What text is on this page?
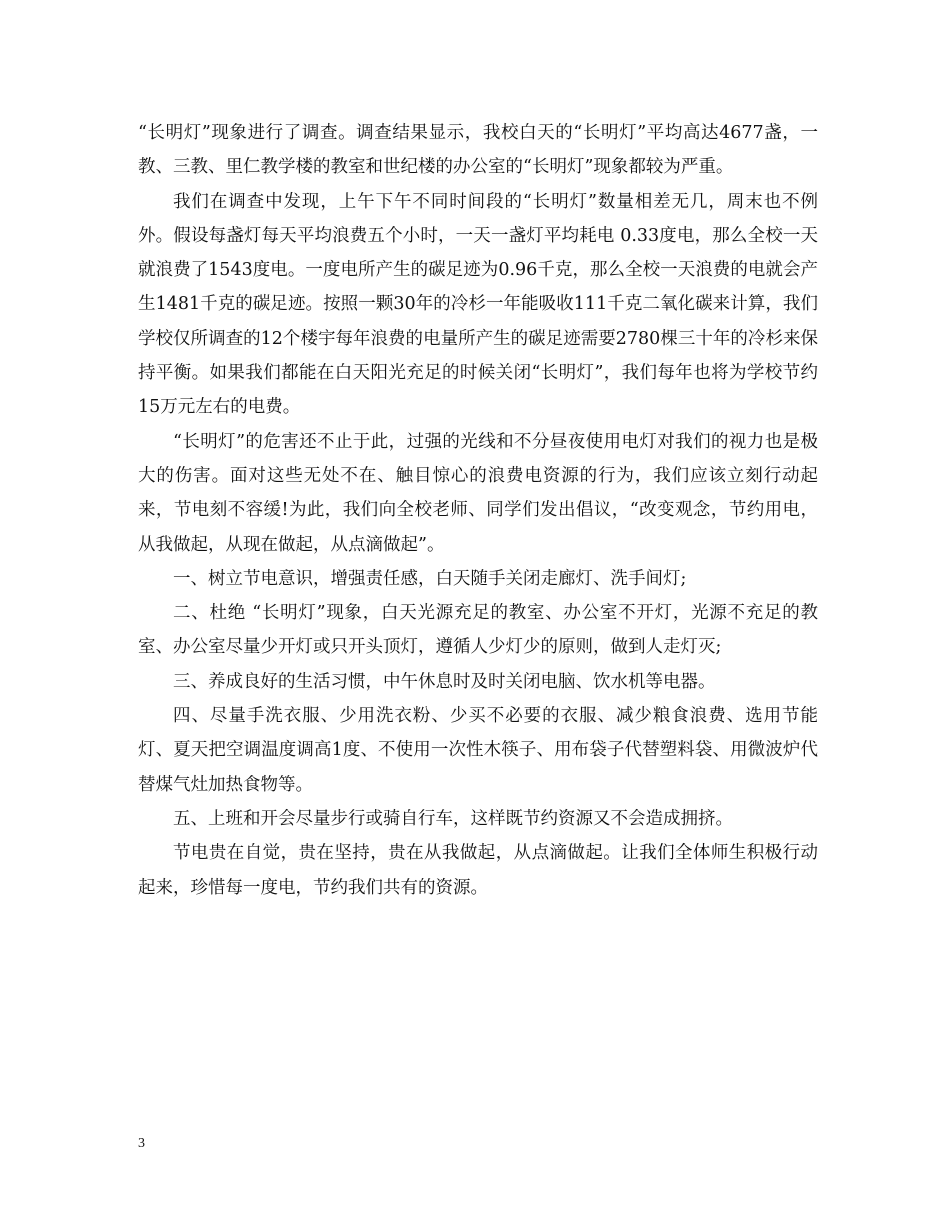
“长明灯”现象进行了调查。调查结果显示，我校白天的“长明灯”平均高达4677盏，一教、三教、里仁教学楼的教室和世纪楼的办公室的“长明灯”现象都较为严重。

我们在调查中发现，上午下午不同时间段的“长明灯”数量相差无几，周末也不例外。假设每盏灯每天平均浪费五个小时，一天一盏灯平均耗电 0.33度电，那么全校一天就浪费了1543度电。一度电所产生的碳足迹为0.96千克，那么全校一天浪费的电就会产生1481千克的碳足迹。按照一颗30年的冷杉一年能吸收111千克二氧化碳来计算，我们学校仅所调查的12个楼宇每年浪费的电量所产生的碳足迹需要2780棵三十年的冷杉来保持平衡。如果我们都能在白天阳光充足的时候关闭“长明灯”，我们每年也将为学校节约15万元左右的电费。

“长明灯”的危害还不止于此，过强的光线和不分昼夜使用电灯对我们的视力也是极大的伤害。面对这些无处不在、触目惊心的浪费电资源的行为，我们应该立刻行动起来，节电刻不容缓!为此，我们向全校老师、同学们发出倡议，“改变观念，节约用电，从我做起，从现在做起，从点滴做起”。

一、树立节电意识，增强责任感，白天随手关闭走廊灯、洗手间灯;

二、杜绝 “长明灯”现象，白天光源充足的教室、办公室不开灯，光源不充足的教室、办公室尽量少开灯或只开头顶灯，遵循人少灯少的原则，做到人走灯灭;

三、养成良好的生活习惯，中午休息时及时关闭电脑、饮水机等电器。

四、尽量手洗衣服、少用洗衣粉、少买不必要的衣服、减少粮食浪费、选用节能灯、夏天把空调温度调高1度、不使用一次性木筷子、用布袋子代替塑料袋、用微波炉代替煤气灶加热食物等。

五、上班和开会尽量步行或骑自行车，这样既节约资源又不会造成拥挤。

节电贵在自觉，贵在坚持，贵在从我做起，从点滴做起。让我们全体师生积极行动起来，珍惜每一度电，节约我们共有的资源。

3
